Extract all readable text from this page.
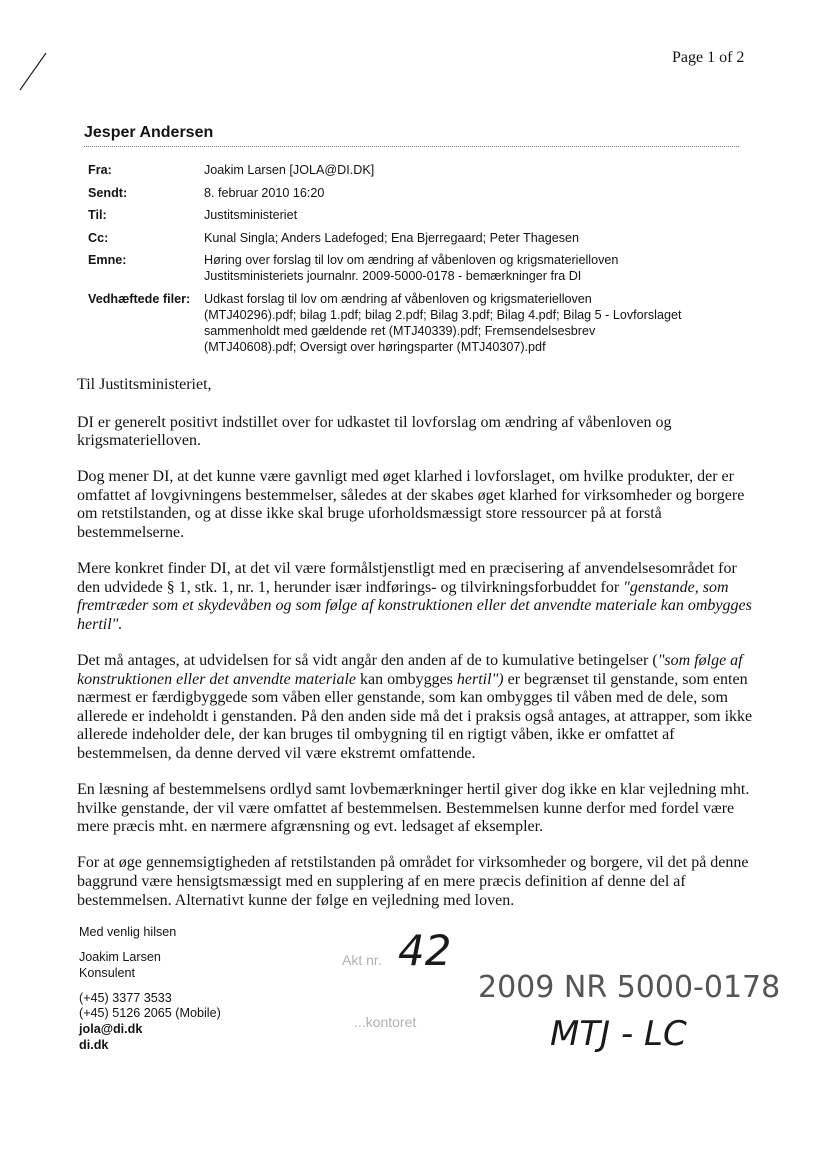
Page 1 of 2
Jesper Andersen
Fra:	Joakim Larsen [JOLA@DI.DK]
Sendt:	8. februar 2010 16:20
Til:	Justitsministeriet
Cc:	Kunal Singla; Anders Ladefoged; Ena Bjerregaard; Peter Thagesen
Emne:	Høring over forslag til lov om ændring af våbenloven og krigsmaterielloven
Justitsministeriets journalnr. 2009-5000-0178 - bemærkninger fra DI
Vedhæftede filer:	Udkast forslag til lov om ændring af våbenloven og krigsmaterielloven
(MTJ40296).pdf; bilag 1.pdf; bilag 2.pdf; Bilag 3.pdf; Bilag 4.pdf; Bilag 5 - Lovforslaget
sammenholdt med gældende ret (MTJ40339).pdf; Fremsendelsesbrev
(MTJ40608).pdf; Oversigt over høringsparter (MTJ40307).pdf

Til Justitsministeriet,

DI er generelt positivt indstillet over for udkastet til lovforslag om ændring af våbenloven og krigsmaterielloven.

Dog mener DI, at det kunne være gavnligt med øget klarhed i lovforslaget, om hvilke produkter, der er omfattet af lovgivningens bestemmelser, således at der skabes øget klarhed for virksomheder og borgere om retstilstanden, og at disse ikke skal bruge uforholdsmæssigt store ressourcer på at forstå bestemmelserne.

Mere konkret finder DI, at det vil være formålstjenstligt med en præcisering af anvendelsesområdet for den udvidede § 1, stk. 1, nr. 1, herunder især indførings- og tilvirkningsforbuddet for "genstande, som fremtræder som et skydevåben og som følge af konstruktionen eller det anvendte materiale kan ombygges hertil".

Det må antages, at udvidelsen for så vidt angår den anden af de to kumulative betingelser ("som følge af konstruktionen eller det anvendte materiale kan ombygges hertil") er begrænset til genstande, som enten nærmest er færdigbyggede som våben eller genstande, som kan ombygges til våben med de dele, som allerede er indeholdt i genstanden. På den anden side må det i praksis også antages, at attrapper, som ikke allerede indeholder dele, der kan bruges til ombygning til en rigtigt våben, ikke er omfattet af bestemmelsen, da denne derved vil være ekstremt omfattende.

En læsning af bestemmelsens ordlyd samt lovbemærkninger hertil giver dog ikke en klar vejledning mht. hvilke genstande, der vil være omfattet af bestemmelsen. Bestemmelsen kunne derfor med fordel være mere præcis mht. en nærmere afgrænsning og evt. ledsaget af eksempler.

For at øge gennemsigtigheden af retstilstanden på området for virksomheder og borgere, vil det på denne baggrund være hensigtsmæssigt med en supplering af en mere præcis definition af denne del af bestemmelsen. Alternativt kunne der følge en vejledning med loven.

Med venlig hilsen
Joakim Larsen
Konsulent
(+45) 3377 3533
(+45) 5126 2065 (Mobile)
jola@di.dk
di.dk
Akt nr. 42
...kontoret
2009 NR 5000-0178
MTJ - LC
